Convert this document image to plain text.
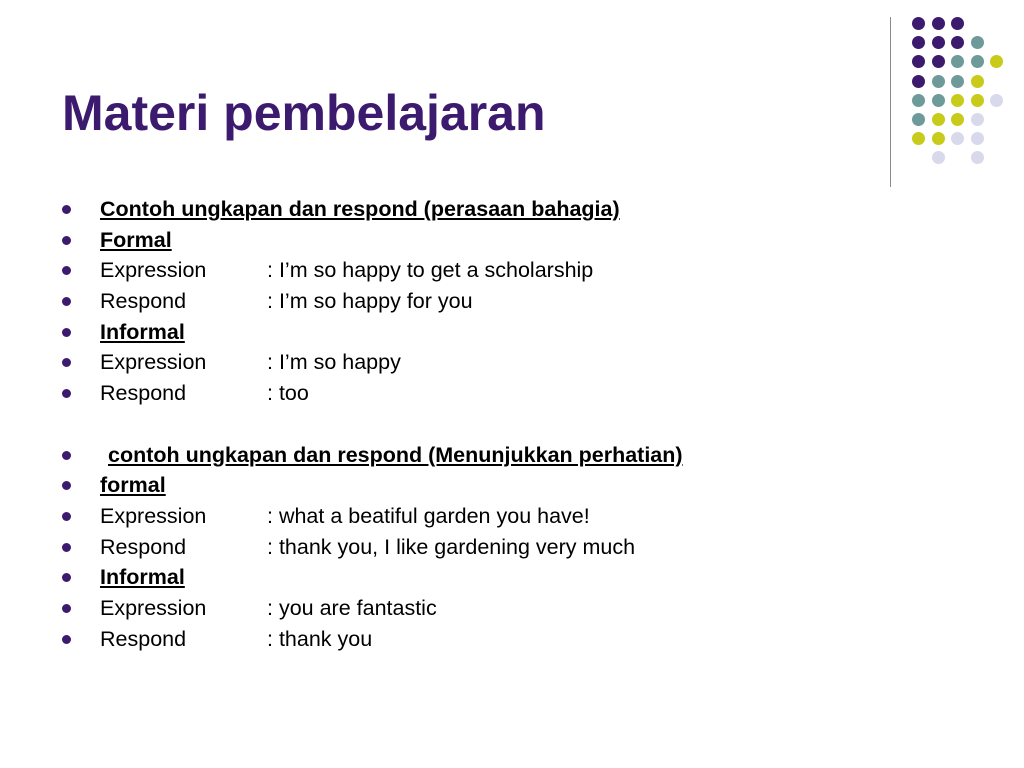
Materi pembelajaran
Contoh ungkapan dan respond (perasaan bahagia)
Formal
Expression	: I’m so happy to get a scholarship
Respond	: I’m so happy for you
Informal
Expression	: I’m so happy
Respond	: too
contoh ungkapan dan respond (Menunjukkan perhatian)
formal
Expression	: what a beatiful garden you have!
Respond	: thank you, I like gardening very much
Informal
Expression	: you are fantastic
Respond	: thank you
